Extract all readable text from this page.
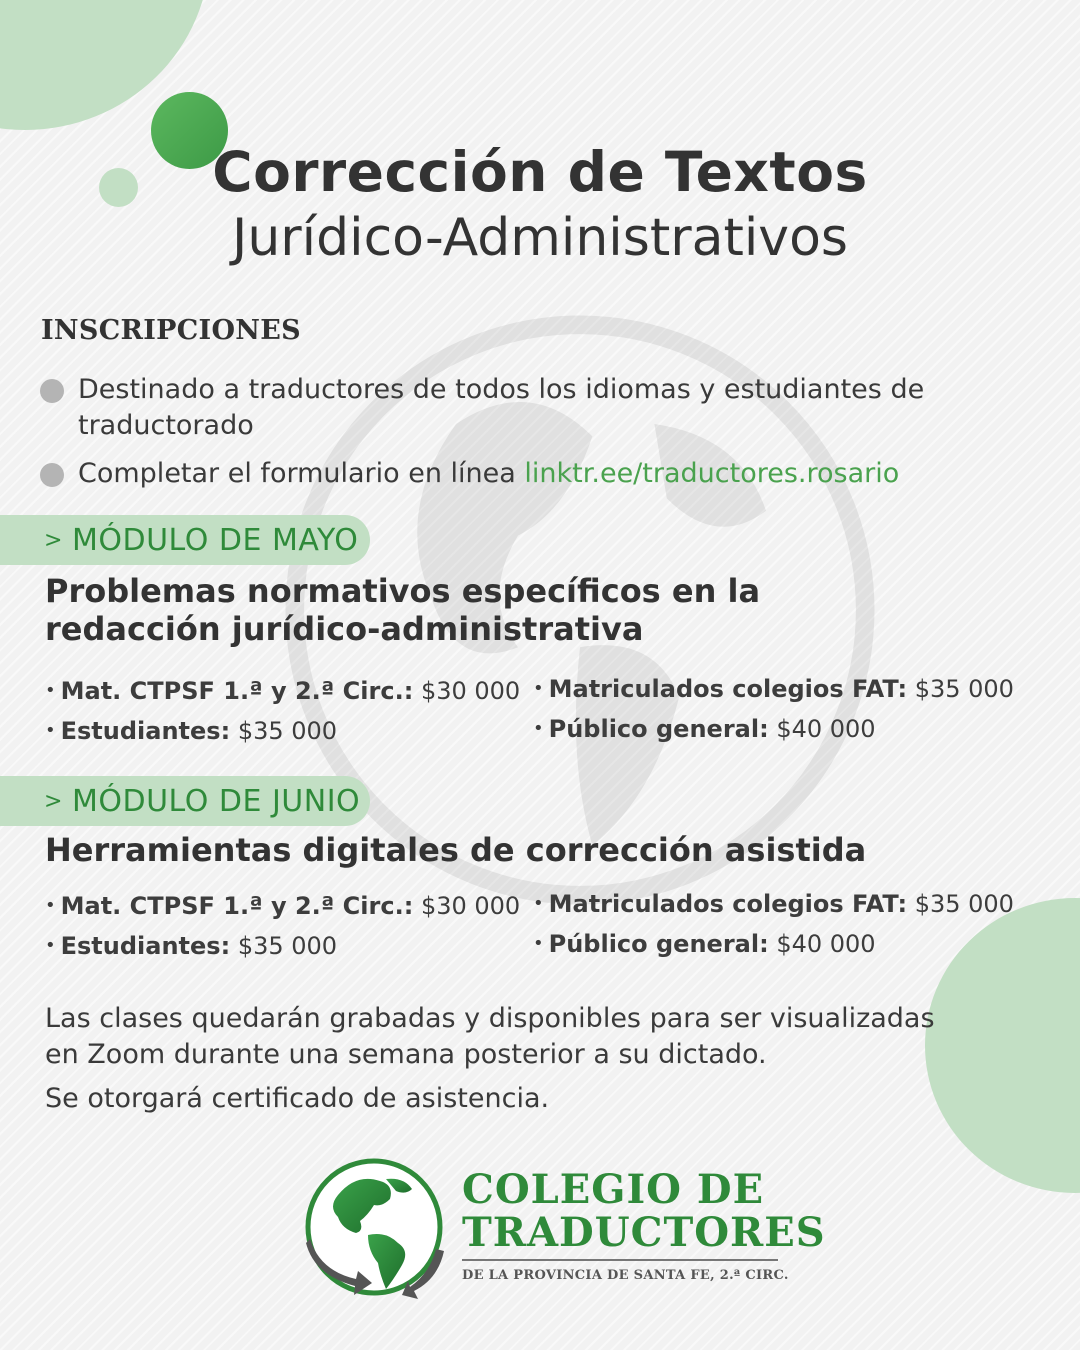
Corrección de Textos
Jurídico-Administrativos
INSCRIPCIONES
Destinado a traductores de todos los idiomas y estudiantes de traductorado
Completar el formulario en línea linktr.ee/traductores.rosario
> MÓDULO DE MAYO
Problemas normativos específicos en la redacción jurídico-administrativa
• Mat. CTPSF 1.ª y 2.ª Circ.: $30 000
• Estudiantes: $35 000
• Matriculados colegios FAT: $35 000
• Público general: $40 000
> MÓDULO DE JUNIO
Herramientas digitales de corrección asistida
• Mat. CTPSF 1.ª y 2.ª Circ.: $30 000
• Estudiantes: $35 000
• Matriculados colegios FAT: $35 000
• Público general: $40 000
Las clases quedarán grabadas y disponibles para ser visualizadas en Zoom durante una semana posterior a su dictado.
Se otorgará certificado de asistencia.
COLEGIO DE
TRADUCTORES
DE LA PROVINCIA DE SANTA FE, 2.ª CIRC.
